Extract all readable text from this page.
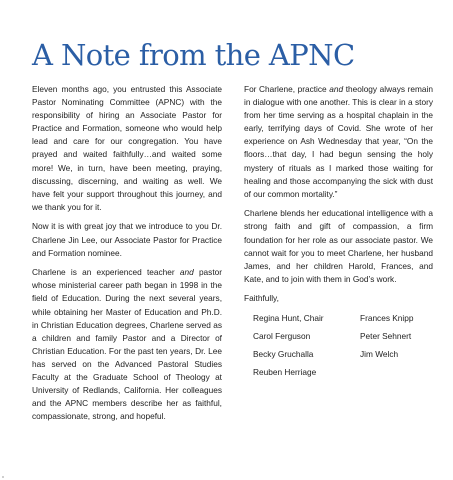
A Note from the APNC

Eleven months ago, you entrusted this Associate Pastor Nominating Committee (APNC) with the responsibility of hiring an Associate Pastor for Practice and Formation, someone who would help lead and care for our congregation. You have prayed and waited faithfully…and waited some more! We, in turn, have been meeting, praying, discussing, discerning, and waiting as well. We have felt your support throughout this journey, and we thank you for it.

Now it is with great joy that we introduce to you Dr. Charlene Jin Lee, our Associate Pastor for Practice and Formation nominee.

Charlene is an experienced teacher and pastor whose ministerial career path began in 1998 in the field of Education. During the next several years, while obtaining her Master of Education and Ph.D. in Christian Education degrees, Charlene served as a children and family Pastor and a Director of Christian Education. For the past ten years, Dr. Lee has served on the Advanced Pastoral Studies Faculty at the Graduate School of Theology at University of Redlands, California. Her colleagues and the APNC members describe her as faithful, compassionate, strong, and hopeful.

For Charlene, practice and theology always remain in dialogue with one another. This is clear in a story from her time serving as a hospital chaplain in the early, terrifying days of Covid. She wrote of her experience on Ash Wednesday that year, “On the floors…that day, I had begun sensing the holy mystery of rituals as I marked those waiting for healing and those accompanying the sick with dust of our common mortality.”

Charlene blends her educational intelligence with a strong faith and gift of compassion, a firm foundation for her role as our associate pastor. We cannot wait for you to meet Charlene, her husband James, and her children Harold, Frances, and Kate, and to join with them in God’s work.

Faithfully,

Regina Hunt, Chair
Carol Ferguson
Becky Gruchalla
Reuben Herriage
Frances Knipp
Peter Sehnert
Jim Welch
